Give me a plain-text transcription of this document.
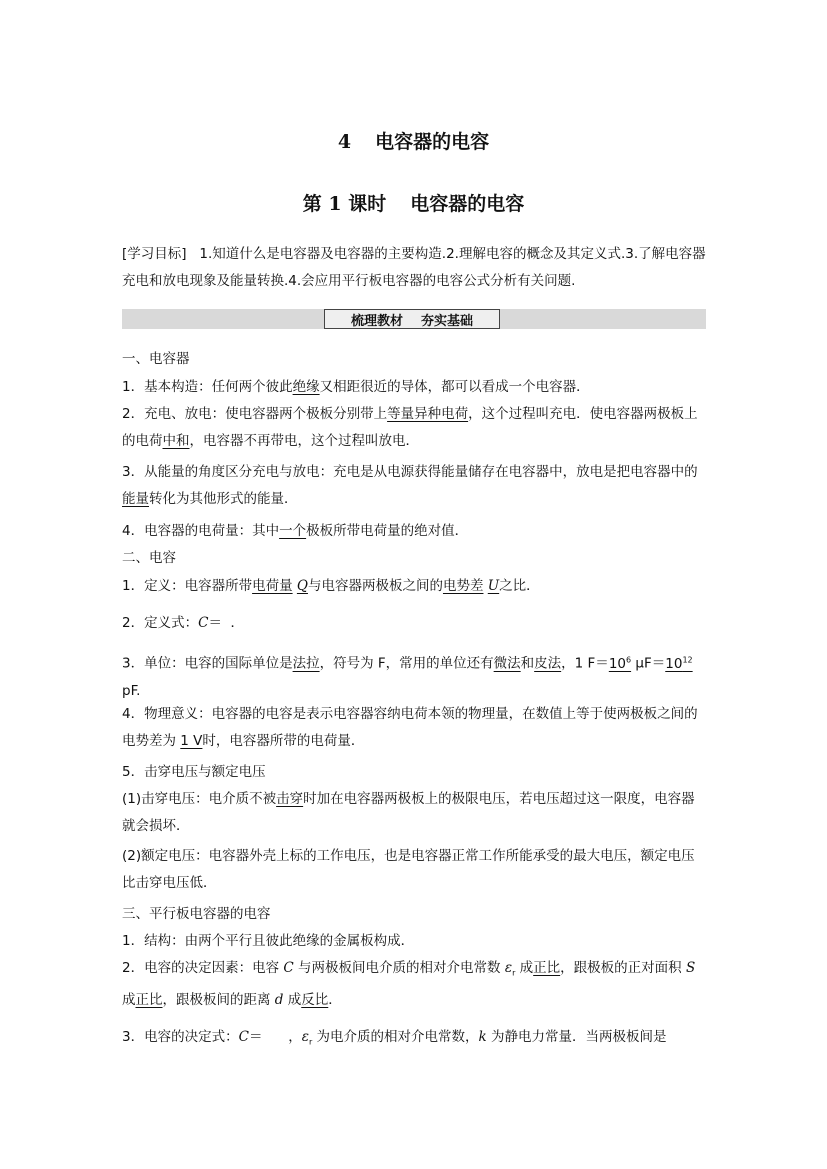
4 电容器的电容
第 1 课时 电容器的电容
[学习目标] 1.知道什么是电容器及电容器的主要构造.2.理解电容的概念及其定义式.3.了解电容器充电和放电现象及能量转换.4.会应用平行板电容器的电容公式分析有关问题.
梳理教材 夯实基础
一、电容器
1．基本构造：任何两个彼此绝缘又相距很近的导体，都可以看成一个电容器．
2．充电、放电：使电容器两个极板分别带上等量异种电荷，这个过程叫充电．使电容器两极板上的电荷中和，电容器不再带电，这个过程叫放电．
3．从能量的角度区分充电与放电：充电是从电源获得能量储存在电容器中，放电是把电容器中的能量转化为其他形式的能量．
4．电容器的电荷量：其中一个极板所带电荷量的绝对值．
二、电容
1．定义：电容器所带电荷量 Q与电容器两极板之间的电势差 U之比．
2．定义式：C＝ ．
3．单位：电容的国际单位是法拉，符号为 F，常用的单位还有微法和皮法，1 $F=10^6$ $\mu F=10^{12}$
pF.
4．物理意义：电容器的电容是表示电容器容纳电荷本领的物理量，在数值上等于使两极板之间的电势差为 1 V时，电容器所带的电荷量．
5．击穿电压与额定电压
(1)击穿电压：电介质不被击穿时加在电容器两极板上的极限电压，若电压超过这一限度，电容器就会损坏．
(2)额定电压：电容器外壳上标的工作电压，也是电容器正常工作所能承受的最大电压，额定电压比击穿电压低．
三、平行板电容器的电容
1．结构：由两个平行且彼此绝缘的金属板构成．
2．电容的决定因素：电容 C 与两极板间电介质的相对介电常数 $\varepsilon_r$ 成正比，跟极板的正对面积 S 成正比，跟极板间的距离 d 成反比．
3．电容的决定式：C＝ ，$\varepsilon_r$ 为电介质的相对介电常数，k 为静电力常量．当两极板间是
